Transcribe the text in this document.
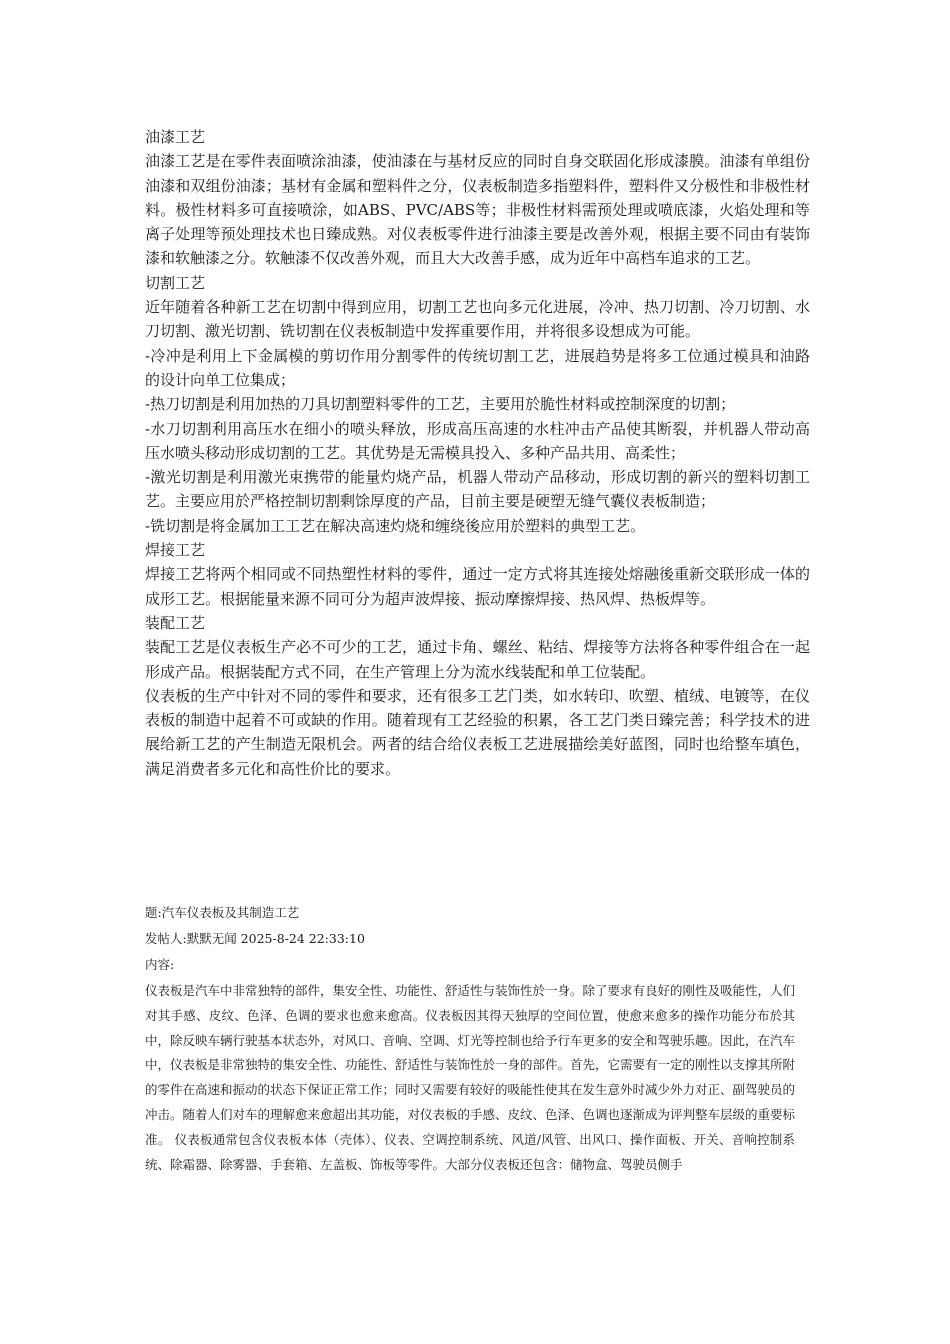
油漆工艺

油漆工艺是在零件表面喷涂油漆，使油漆在与基材反应的同时自身交联固化形成漆膜。油漆有单组份油漆和双组份油漆；基材有金属和塑料件之分，仪表板制造多指塑料件，塑料件又分极性和非极性材料。极性材料多可直接喷涂，如ABS、PVC/ABS等；非极性材料需预处理或喷底漆，火焰处理和等离子处理等预处理技术也日臻成熟。对仪表板零件进行油漆主要是改善外观，根据主要不同由有装饰漆和软触漆之分。软触漆不仅改善外观，而且大大改善手感，成为近年中高档车追求的工艺。

切割工艺

近年随着各种新工艺在切割中得到应用，切割工艺也向多元化进展，冷冲、热刀切割、冷刀切割、水刀切割、激光切割、铣切割在仪表板制造中发挥重要作用，并将很多设想成为可能。

-冷冲是利用上下金属模的剪切作用分割零件的传统切割工艺，进展趋势是将多工位通过模具和油路的设计向单工位集成；

-热刀切割是利用加热的刀具切割塑料零件的工艺，主要用於脆性材料或控制深度的切割；

-水刀切割利用高压水在细小的喷头释放，形成高压高速的水柱冲击产品使其断裂，并机器人带动高压水喷头移动形成切割的工艺。其优势是无需模具投入、多种产品共用、高柔性；

-激光切割是利用激光束携带的能量灼烧产品，机器人带动产品移动，形成切割的新兴的塑料切割工艺。主要应用於严格控制切割剩馀厚度的产品，目前主要是硬塑无缝气囊仪表板制造；

-铣切割是将金属加工工艺在解决高速灼烧和缠绕後应用於塑料的典型工艺。

焊接工艺

焊接工艺将两个相同或不同热塑性材料的零件，通过一定方式将其连接处熔融後重新交联形成一体的成形工艺。根据能量来源不同可分为超声波焊接、振动摩擦焊接、热风焊、热板焊等。

装配工艺

装配工艺是仪表板生产必不可少的工艺，通过卡角、螺丝、粘结、焊接等方法将各种零件组合在一起形成产品。根据装配方式不同，在生产管理上分为流水线装配和单工位装配。

仪表板的生产中针对不同的零件和要求，还有很多工艺门类，如水转印、吹塑、植绒、电镀等，在仪表板的制造中起着不可或缺的作用。随着现有工艺经验的积累，各工艺门类日臻完善；科学技术的进展给新工艺的产生制造无限机会。两者的结合给仪表板工艺进展描绘美好蓝图，同时也给整车填色，满足消费者多元化和高性价比的要求。

题:汽车仪表板及其制造工艺

发帖人:默默无闻 2025-8-24 22:33:10

内容:

仪表板是汽车中非常独特的部件，集安全性、功能性、舒适性与装饰性於一身。除了要求有良好的刚性及吸能性，人们对其手感、皮纹、色泽、色调的要求也愈来愈高。仪表板因其得天独厚的空间位置，使愈来愈多的操作功能分布於其中，除反映车辆行驶基本状态外，对风口、音响、空调、灯光等控制也给予行车更多的安全和驾驶乐趣。因此，在汽车中，仪表板是非常独特的集安全性、功能性、舒适性与装饰性於一身的部件。首先，它需要有一定的刚性以支撑其所附的零件在高速和振动的状态下保证正常工作；同时又需要有较好的吸能性使其在发生意外时减少外力对正、副驾驶员的冲击。随着人们对车的理解愈来愈超出其功能，对仪表板的手感、皮纹、色泽、色调也逐渐成为评判整车层级的重要标准。 仪表板通常包含仪表板本体（壳体）、仪表、空调控制系统、风道/风管、出风口、操作面板、开关、音响控制系统、除霜器、除雾器、手套箱、左盖板、饰板等零件。大部分仪表板还包含：储物盒、驾驶员侧手
